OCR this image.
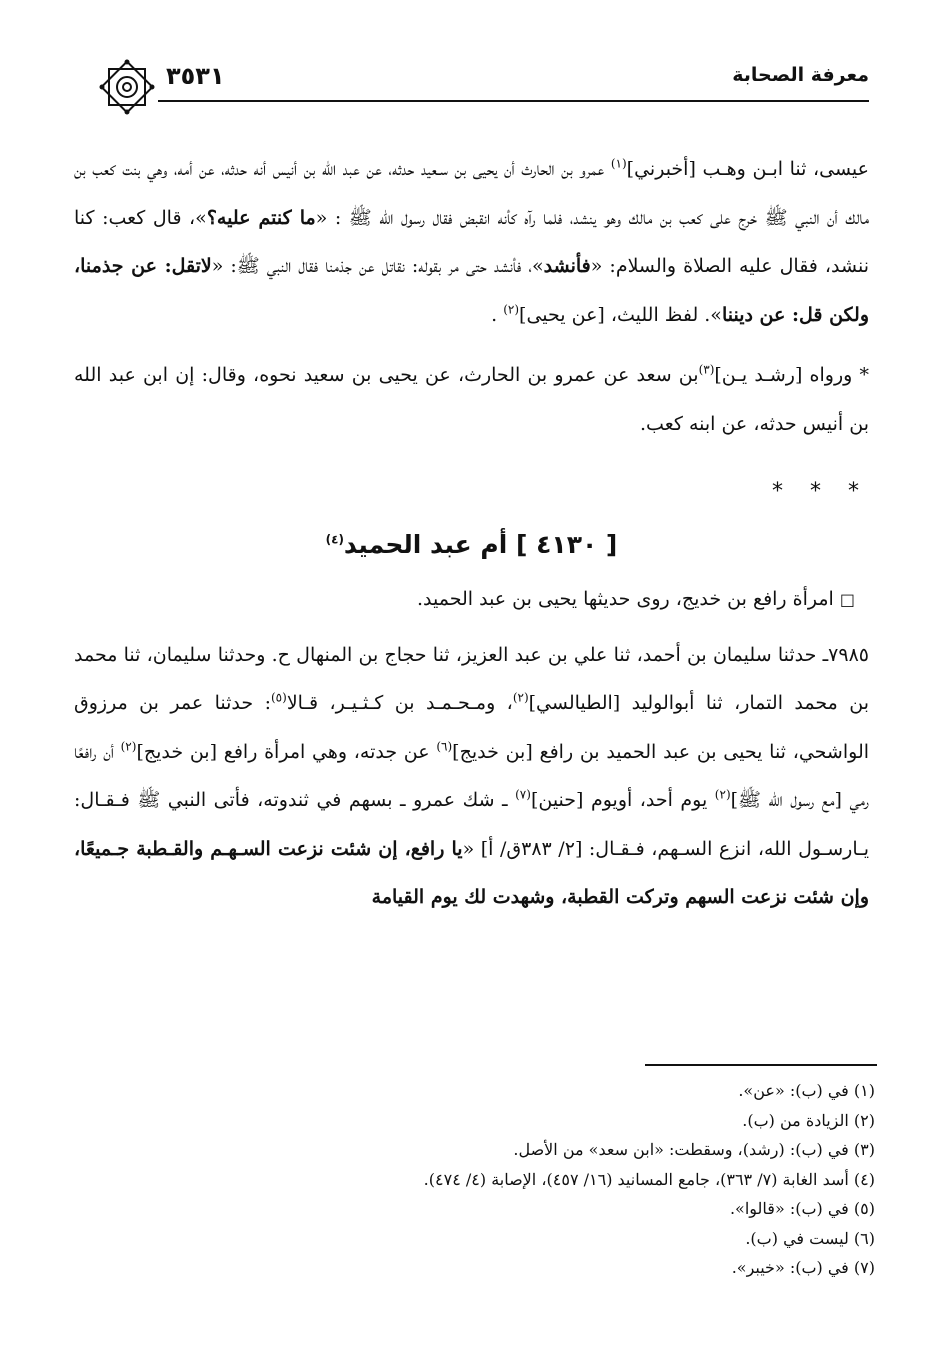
معرفة الصحابة
٣٥٣١

عيسى، ثنا ابـن وهـب [أخبرني]$^{(١)}$ عمرو بن الحارث أن يحيى بن سـعيد حدثه، عن عبد الله بن أنيس أنه حدثه، عن أمه، وهي بنت كعب بن مالك أن النبي ﷺ خرج على كعب بن مالك وهو ينشد، فلما رآه كأنه انقبض فقال رسول الله ﷺ : «ما كنتم عليه؟»، قال كعب: كنا ننشد، فقال عليه الصلاة والسلام: «فأنشد»، فأنشد حتى مر بقوله: نقاتل عن جذمنا فقال النبي ﷺ: «لاتقل: عن جذمنا، ولكن قل: عن ديننا». لفظ الليث، [عن يحيى]$^{(٢)}$ .

* ورواه [رشـد يـن]$^{(٣)}$بن سعد عن عمرو بن الحارث، عن يحيى بن سعيد نحوه، وقال: إن ابن عبد الله بن أنيس حدثه، عن ابنه كعب.

* * *

[ ٤١٣٠ ] أم عبد الحميد$^{(٤)}$

□ امرأة رافع بن خديج، روى حديثها يحيى بن عبد الحميد.

٧٩٨٥ـ حدثنا سليمان بن أحمد، ثنا علي بن عبد العزيز، ثنا حجاج بن المنهال ح. وحدثنا سليمان، ثنا محمد بن محمد التمار، ثنا أبوالوليد [الطيالسي]$^{(٢)}$، ومـحـمـد بن كـثـيـر، قـالا$^{(٥)}$: حدثنا عمر بن مرزوق الواشحي، ثنا يحيى بن عبد الحميد بن رافع [بن خديج]$^{(٦)}$ عن جدته، وهي امرأة رافع [بن خديج]$^{(٢)}$ أن رافعًا رمي [مع رسول الله ﷺ]$^{(٢)}$ يوم أحد، أويوم [حنين]$^{(٧)}$ ـ شك عمرو ـ بسهم في ثندوته، فأتى النبي ﷺ فـقـال: يـارسـول الله، انزع السـهم، فـقـال: [٢/ ٣٨٣ق/ أ] «يا رافع، إن شئت نزعت السـهـم والقـطبة جـميعًا، وإن شئت نزعت السهم وتركت القطبة، وشهدت لك يوم القيامة

(١) في (ب): «عن».
(٢) الزيادة من (ب).
(٣) في (ب): (رشد)، وسقطت: «ابن سعد» من الأصل.
(٤) أسد الغابة (٧/ ٣٦٣)، جامع المسانيد (١٦/ ٤٥٧)، الإصابة (٤/ ٤٧٤).
(٥) في (ب): «قالوا».
(٦) ليست في (ب).
(٧) في (ب): «خيبر».
